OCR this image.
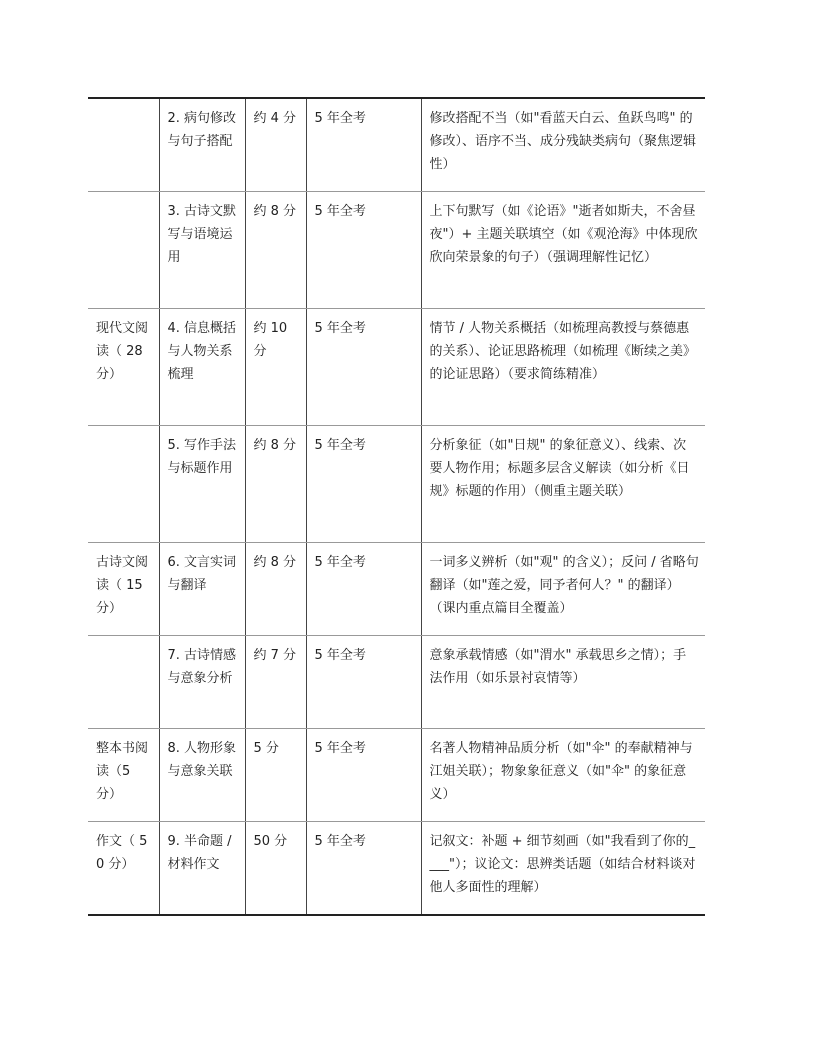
	2. 病句修改与句子搭配	约 4 分	5 年全考	修改搭配不当（如"看蓝天白云、鱼跃鸟鸣" 的修改）、语序不当、成分残缺类病句（聚焦逻辑性）
	3. 古诗文默写与语境运用	约 8 分	5 年全考	上下句默写（如《论语》"逝者如斯夫，不舍昼夜"）+ 主题关联填空（如《观沧海》中体现欣欣向荣景象的句子）（强调理解性记忆）
现代文阅读（ 28 分）	4. 信息概括与人物关系梳理	约 10 分	5 年全考	情节 / 人物关系概括（如梳理高教授与蔡德惠的关系）、论证思路梳理（如梳理《断续之美》的论证思路）（要求简练精准）
	5. 写作手法与标题作用	约 8 分	5 年全考	分析象征（如"日规" 的象征意义）、线索、次要人物作用；标题多层含义解读（如分析《日规》标题的作用）（侧重主题关联）
古诗文阅读（ 15 分）	6. 文言实词与翻译	约 8 分	5 年全考	一词多义辨析（如"观" 的含义）；反问 / 省略句翻译（如"莲之爱，同予者何人？" 的翻译）（课内重点篇目全覆盖）
	7. 古诗情感与意象分析	约 7 分	5 年全考	意象承载情感（如"渭水" 承载思乡之情）；手法作用（如乐景衬哀情等）
整本书阅读（5 分）	8. 人物形象与意象关联	5 分	5 年全考	名著人物精神品质分析（如"伞" 的奉献精神与江姐关联）；物象象征意义（如"伞" 的象征意义）
作文（ 50 分）	9. 半命题 / 材料作文	50 分	5 年全考	记叙文：补题 + 细节刻画（如"我看到了你的____"）；议论文：思辨类话题（如结合材料谈对他人多面性的理解）
